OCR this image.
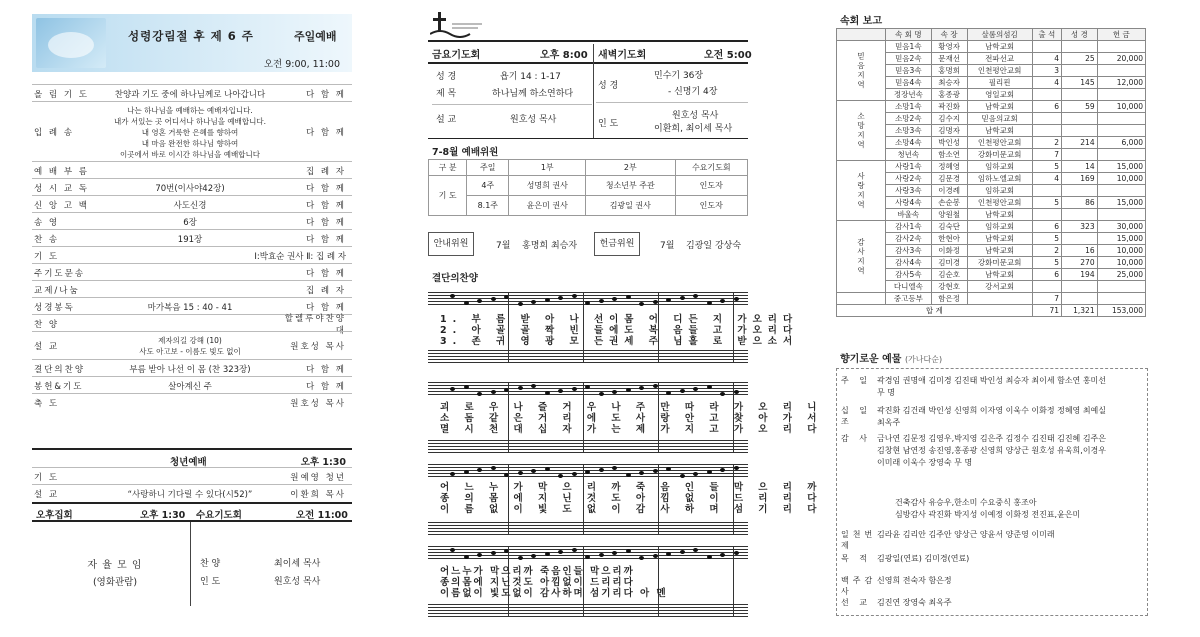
성령강림절 후 제 6 주	주일예배
오전 9:00, 11:00
올 림 기 도	찬양과 기도 중에 하나님께로 나아갑니다	다 함 께
입 례 송
나는 하나님을 예배하는 예배자입니다.
내가 서있는 곳 어디서나 하나님을 예배합니다.
내 영혼 거룩한 은혜를 향하여
내 마음 완전한 하나님 향하여
이곳에서 바로 이시간 하나님을 예배합니다
다 함 께
예 배 부 름	집 례 자
성 시 교 독	70번(이사야42장)	다 함 께
신 앙 고 백	사도신경	다 함 께
송 영	6장	다 함 께
찬 송	191장	다 함 께
기 도	Ⅰ:박효순 권사 Ⅱ: 집 례 자
주기도문송	다 함 께
교제/나눔	집 례 자
성경봉독	마가복음 15 : 40 - 41	다 함 께
찬 양
할렐루야찬양대
설 교
제자의길 강해 (10)
사도 아고보 - 이름도 빛도 없이	원호성 목사
결단의찬양	부름 받아 나선 이 몸 (찬 323장)	다 함 께
봉헌&기도	살아계신 주	다 함 께
축 도	원호성 목사
청년예배	오후 1:30
기 도	원예영 청년
설 교	“사랑하니 기다릴 수 있다(시52)”	이환희 목사
오후집회	오후 1:30 수요기도회	오전 11:00
자 율 모 임
(영화관람)
찬 양	최이세 목사
인 도	원호성 목사
금요기도회	오후 8:00 새벽기도회	오전 5:00
성 경	욥기 14 : 1-17
제 목	하나님께 하소연하다
설 교	원호성 목사
성 경
민수기 36장
- 신명기 4장
인 도
원호성 목사
이환희, 최이세 목사
7-8월 예배위원
구 분	주일	1부	2부	수요기도회
기 도	4주	성명희 권사	청소년부 주관	인도자
	8.1주	윤은미 권사	김광일 권사	인도자
안내위원	7월 홍명희 최승자	헌금위원	7월 김광일 강상숙
결단의찬양
1. 부 름 받 아 나 선이몸 어 디든 지 가오리다
2. 아 골 골 짝 빈 들에도 복 음들 고 가오리다
3. 존 귀 영 광 모 든권세 주 님홀 로 받으소서
괴 로 우 나 즐 거 우 나 주 만 따 라 가 오 리 니
소 돔 같 은 거 리 에 도 사 랑 안 고 찾 아 가 서
멸 시 천 대 십 자 가 는 제 가 지 고 가 오 리 다
어 느 누 가 막 으 리 까 죽 음 인 들 막 으 리 까
종 의 몸 에 지 닌 것 도 아 낌 없 이 드 리 리 다
이 름 없 이 빛 도 없 이 감 사 하 며 섬 기 리 다
어느누가 막으리까 죽음인들 막으리까
종의몸에 지닌것도 아낌없이 드리리다
이름없이 빛도없이 감사하며 섬기리다 아 멘
속회 보고
	속 회 명	속 장	살롬의섬김	출 석	성 경	헌 금
믿음지역	믿음1속	황영자	남학교회			
	믿음2속	문재선	전파선교	4	25	20,000
	믿음3속	홍명희	인천평안교회	3		
	믿음4속	최승자	필리핀	4	145	12,000
	정장년속	홍종광	영일교회			
소망지역	소망1속	곽진화	남학교회	6	59	10,000
	소망2속	김수지	믿음의교회			
	소망3속	김명자	남학교회			
	소망4속	박인성	인천평안교회	2	214	6,000
	청년속	함소연	강화미문교회	7		
사랑지역	사랑1속	정혜영	임하교회	5	14	15,000
	사랑2속	김문경	임하노엘교회	4	169	10,000
	사랑3속	이경례	임하교회			
	사랑4속	손순봉	인천평안교회	5	86	15,000
	바울속	양원철	남학교회			
감사지역	감사1속	김숙단	임하교회	6	323	30,000
	감사2속	한현아	남학교회	5		15,000
	감사3속	이화정	남학교회	2	16	10,000
	감사4속	김미경	강화미문교회	5	270	10,000
	감사5속	김순호	남학교회	6	194	25,000
	다니엘속	강현호	강서교회			
	중고등부	함은정		7		
합 계				71	1,321	153,000
향기로운 예물 (가나다순)
주 일 곽경임 권명애 김미경 김진태 박인성 최승자 최이세 함소연 홍미선
무 명
십 일 조
곽진화 김건래 박인성 신영희 이자영 이욱수 이화정 정혜영 최예실
최옥주
감 사 금나연 김문정 김영우,박지영 김은주 김정수 김진태 김진혜 김주은
김창현 남연정 송진영,홍종광 신영희 양상근 원호성 유욱희,이경우
이미래 이욱수 장영숙 무 명
건축감사 유승우,한소미 수요중식 홍조아
심방감사 곽진화 박지성 이예정 이화정 전진표,윤은미
일천번제
김라윤 김리안 김주안 양상근 양윤서 양준영 이미래
목 적 김광일(연료) 김미경(연료)
백주감사
신영희 전숙자 함은정
선 교 김진연 장영숙 최옥주
